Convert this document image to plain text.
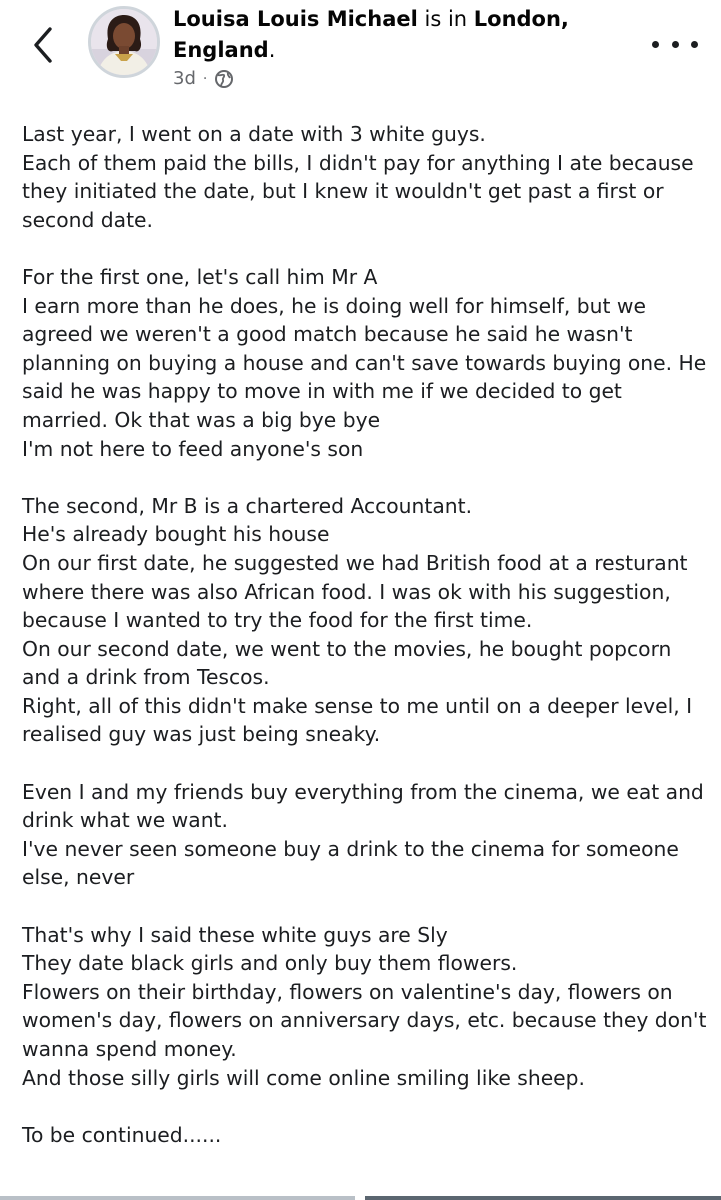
Louisa Louis Michael is in London,
England.
3d ·

Last year, I went on a date with 3 white guys.
Each of them paid the bills, I didn't pay for anything I ate because they initiated the date, but I knew it wouldn't get past a first or second date.

For the first one, let's call him Mr A
I earn more than he does, he is doing well for himself, but we agreed we weren't a good match because he said he wasn't planning on buying a house and can't save towards buying one. He said he was happy to move in with me if we decided to get married. Ok that was a big bye bye
I'm not here to feed anyone's son

The second, Mr B is a chartered Accountant.
He's already bought his house
On our first date, he suggested we had British food at a resturant where there was also African food. I was ok with his suggestion, because I wanted to try the food for the first time.
On our second date, we went to the movies, he bought popcorn and a drink from Tescos.
Right, all of this didn't make sense to me until on a deeper level, I realised guy was just being sneaky.

Even I and my friends buy everything from the cinema, we eat and drink what we want.
I've never seen someone buy a drink to the cinema for someone else, never

That's why I said these white guys are Sly
They date black girls and only buy them flowers.
Flowers on their birthday, flowers on valentine's day, flowers on women's day, flowers on anniversary days, etc. because they don't wanna spend money.
And those silly girls will come online smiling like sheep.

To be continued......
